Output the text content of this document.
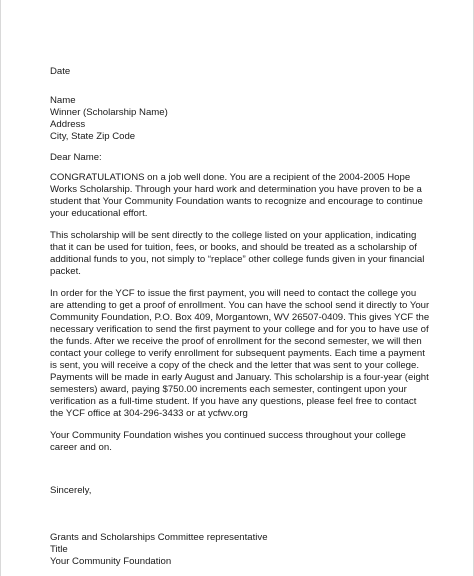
Date
Name
Winner (Scholarship Name)
Address
City, State Zip Code
Dear Name:

CONGRATULATIONS on a job well done. You are a recipient of the 2004-2005 Hope Works Scholarship. Through your hard work and determination you have proven to be a student that Your Community Foundation wants to recognize and encourage to continue your educational effort.

This scholarship will be sent directly to the college listed on your application, indicating that it can be used for tuition, fees, or books, and should be treated as a scholarship of additional funds to you, not simply to “replace” other college funds given in your financial packet.

In order for the YCF to issue the first payment, you will need to contact the college you are attending to get a proof of enrollment. You can have the school send it directly to Your Community Foundation, P.O. Box 409, Morgantown, WV 26507-0409. This gives YCF the necessary verification to send the first payment to your college and for you to have use of the funds. After we receive the proof of enrollment for the second semester, we will then contact your college to verify enrollment for subsequent payments. Each time a payment is sent, you will receive a copy of the check and the letter that was sent to your college. Payments will be made in early August and January. This scholarship is a four-year (eight semesters) award, paying $750.00 increments each semester, contingent upon your verification as a full-time student. If you have any questions, please feel free to contact the YCF office at 304-296-3433 or at ycfwv.org

Your Community Foundation wishes you continued success throughout your college career and on.

Sincerely,
Grants and Scholarships Committee representative
Title
Your Community Foundation
